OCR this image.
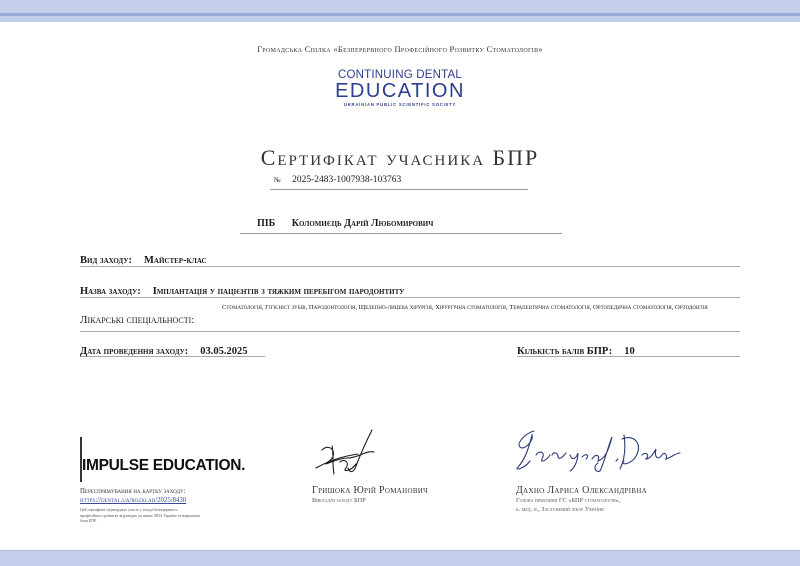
Громадська Спілка «Безперервного Професійного Розвитку Стоматологів»
CONTINUING DENTAL
EDUCATION
UKRAINIAN PUBLIC SCIENTIFIC SOCIETY
Сертифікат учасника БПР
№ 2025-2483-1007938-103763
ПІБ Коломиєць Дарій Любомирович
Вид заходу: Майстер-клас
Назва заходу: Імплантація у пацієнтів з тяжким перебігом пародонтиту
Лікарські спеціальності:
Стоматологія, Гігієніст зубів, Пародонтологія, Щелепно-лицева хірургія, Хірургічна стоматологія, Терапевтична стоматологія, Ортопедична стоматологія, Ортодонтія
Дата проведення заходу: 03.05.2025	Кількість балів БПР: 10
IMPULSE EDUCATION.
Переспрямування на картку заходу:
https://dental.ua/rozklad/2025/8430
Цей сертифікат підтверджує участь у заході безперервного професійного розвитку відповідно до вимог МОЗ України та нараховані бали БПР.
Гришока Юрій Романович
Викладач заходу БПР
Дахно Лариса Олександрівна
Голова правління ГС «БПР стоматологів»,
к. мед. н., Заслужений лікар України
